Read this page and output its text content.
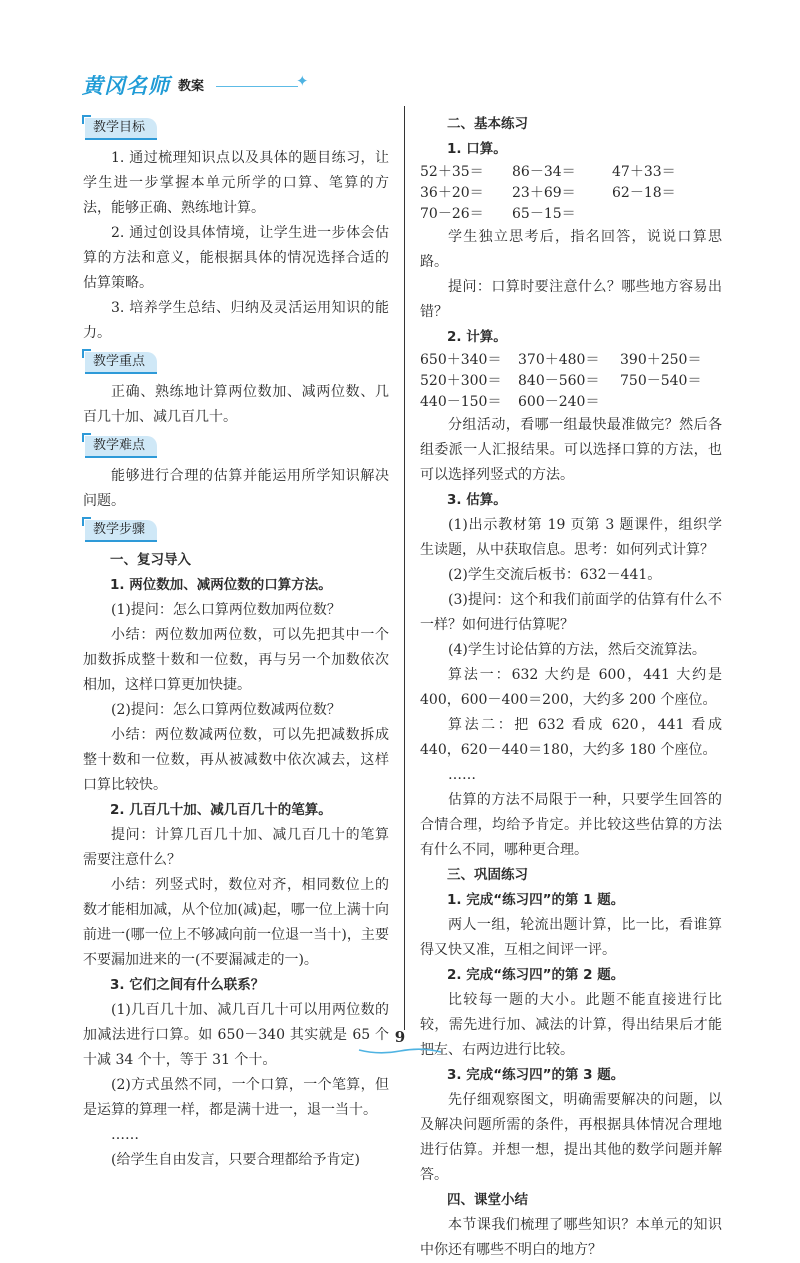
黄冈名师 教案	✦
教学目标

1. 通过梳理知识点以及具体的题目练习，让学生进一步掌握本单元所学的口算、笔算的方法，能够正确、熟练地计算。

2. 通过创设具体情境，让学生进一步体会估算的方法和意义，能根据具体的情况选择合适的估算策略。

3. 培养学生总结、归纳及灵活运用知识的能力。

教学重点

正确、熟练地计算两位数加、减两位数、几百几十加、减几百几十。

教学难点

能够进行合理的估算并能运用所学知识解决问题。

教学步骤

一、复习导入

1. 两位数加、减两位数的口算方法。

(1)提问：怎么口算两位数加两位数？

小结：两位数加两位数，可以先把其中一个加数拆成整十数和一位数，再与另一个加数依次相加，这样口算更加快捷。

(2)提问：怎么口算两位数减两位数？

小结：两位数减两位数，可以先把减数拆成整十数和一位数，再从被减数中依次减去，这样口算比较快。

2. 几百几十加、减几百几十的笔算。

提问：计算几百几十加、减几百几十的笔算需要注意什么？

小结：列竖式时，数位对齐，相同数位上的数才能相加减，从个位加(减)起，哪一位上满十向前进一(哪一位上不够减向前一位退一当十)，主要不要漏加进来的一(不要漏减走的一)。

3. 它们之间有什么联系？

(1)几百几十加、减几百几十可以用两位数的加减法进行口算。如 650－340 其实就是 65 个十减 34 个十，等于 31 个十。

(2)方式虽然不同，一个口算，一个笔算，但是运算的算理一样，都是满十进一，退一当十。

……

(给学生自由发言，只要合理都给予肯定)

二、基本练习

1. 口算。

52＋35＝	86－34＝	47＋33＝
36＋20＝	23＋69＝	62－18＝
70－26＝	65－15＝

学生独立思考后，指名回答，说说口算思路。

提问：口算时要注意什么？哪些地方容易出错？

2. 计算。

650＋340＝	370＋480＝	390＋250＝
520＋300＝	840－560＝	750－540＝
440－150＝	600－240＝

分组活动，看哪一组最快最准做完？然后各组委派一人汇报结果。可以选择口算的方法，也可以选择列竖式的方法。

3. 估算。

(1)出示教材第 19 页第 3 题课件，组织学生读题，从中获取信息。思考：如何列式计算？

(2)学生交流后板书：632－441。

(3)提问：这个和我们前面学的估算有什么不一样？如何进行估算呢？

(4)学生讨论估算的方法，然后交流算法。

算法一：632 大约是 600，441 大约是 400，600－400＝200，大约多 200 个座位。

算法二：把 632 看成 620，441 看成 440，620－440＝180，大约多 180 个座位。

……

估算的方法不局限于一种，只要学生回答的合情合理，均给予肯定。并比较这些估算的方法有什么不同，哪种更合理。

三、巩固练习

1. 完成“练习四”的第 1 题。

两人一组，轮流出题计算，比一比，看谁算得又快又准，互相之间评一评。

2. 完成“练习四”的第 2 题。

比较每一题的大小。此题不能直接进行比较，需先进行加、减法的计算，得出结果后才能把左、右两边进行比较。

3. 完成“练习四”的第 3 题。

先仔细观察图文，明确需要解决的问题，以及解决问题所需的条件，再根据具体情况合理地进行估算。并想一想，提出其他的数学问题并解答。

四、课堂小结

本节课我们梳理了哪些知识？本单元的知识中你还有哪些不明白的地方？

9
